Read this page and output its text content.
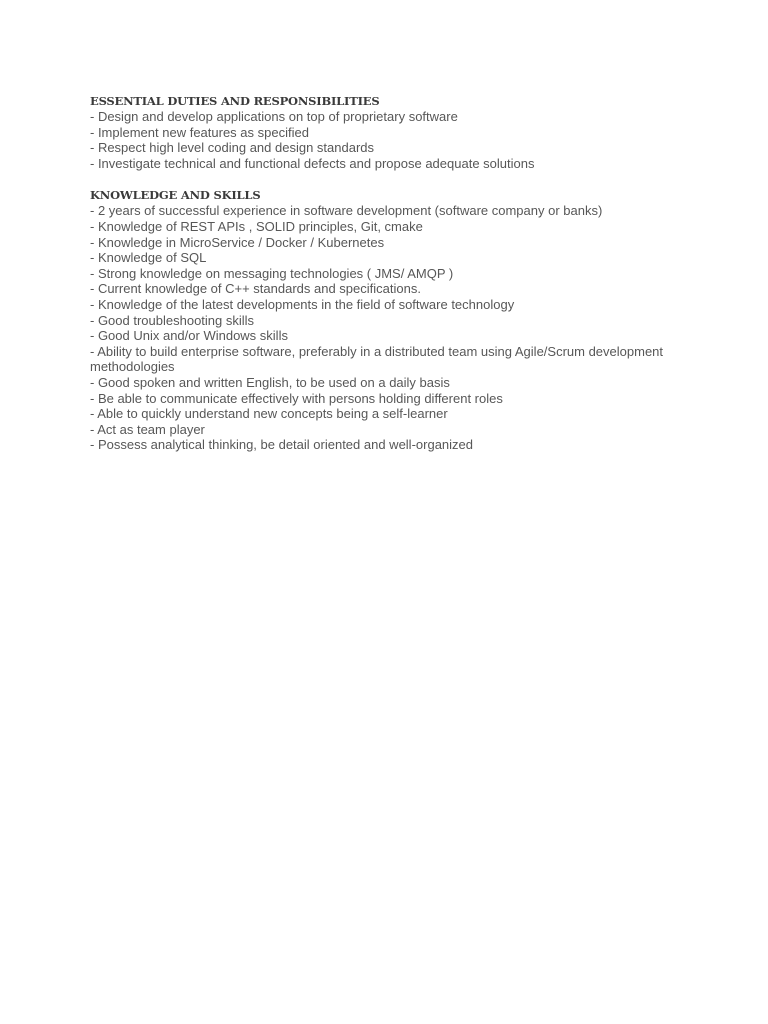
ESSENTIAL DUTIES AND RESPONSIBILITIES
- Design and develop applications on top of proprietary software
- Implement new features as specified
- Respect high level coding and design standards
- Investigate technical and functional defects and propose adequate solutions
KNOWLEDGE AND SKILLS
- 2 years of successful experience in software development (software company or banks)
- Knowledge of REST APIs , SOLID principles, Git, cmake
- Knowledge in MicroService / Docker / Kubernetes
- Knowledge of SQL
- Strong knowledge on messaging technologies ( JMS/ AMQP )
- Current knowledge of C++ standards and specifications.
- Knowledge of the latest developments in the field of software technology
- Good troubleshooting skills
- Good Unix and/or Windows skills
- Ability to build enterprise software, preferably in a distributed team using Agile/Scrum development methodologies
- Good spoken and written English, to be used on a daily basis
- Be able to communicate effectively with persons holding different roles
- Able to quickly understand new concepts being a self-learner
- Act as team player
- Possess analytical thinking, be detail oriented and well-organized
